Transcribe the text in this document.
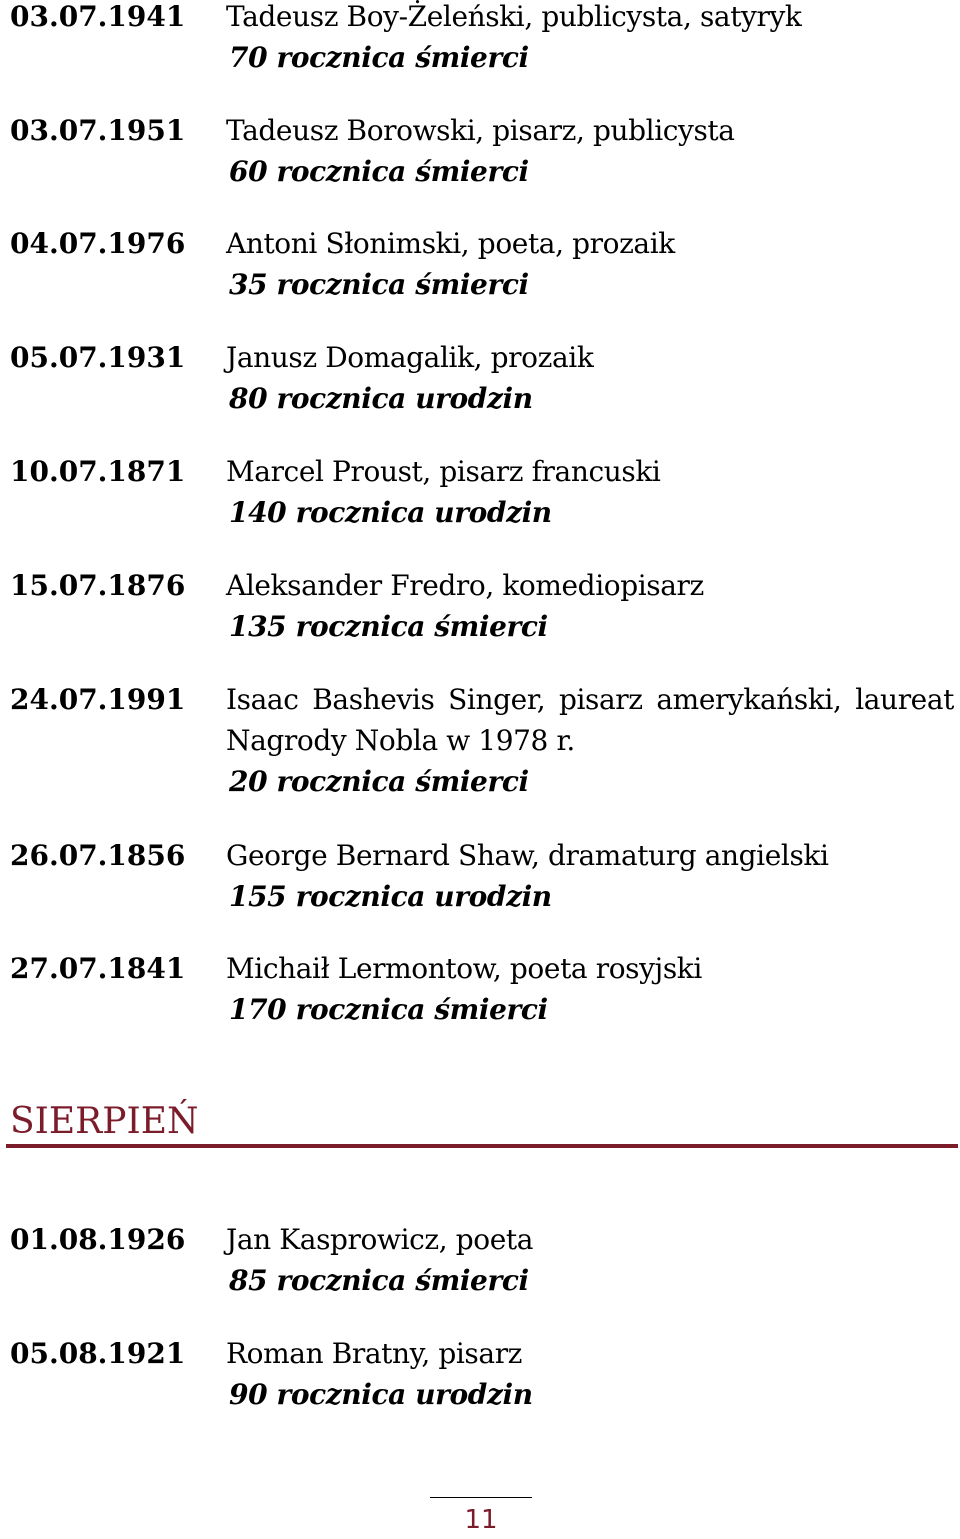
03.07.1941 Tadeusz Boy-Żeleński, publicysta, satyryk
70 rocznica śmierci
03.07.1951 Tadeusz Borowski, pisarz, publicysta
60 rocznica śmierci
04.07.1976 Antoni Słonimski, poeta, prozaik
35 rocznica śmierci
05.07.1931 Janusz Domagalik, prozaik
80 rocznica urodzin
10.07.1871 Marcel Proust, pisarz francuski
140 rocznica urodzin
15.07.1876 Aleksander Fredro, komediopisarz
135 rocznica śmierci
24.07.1991 Isaac Bashevis Singer, pisarz amerykański, laureat Nagrody Nobla w 1978 r.
20 rocznica śmierci
26.07.1856 George Bernard Shaw, dramaturg angielski
155 rocznica urodzin
27.07.1841 Michaił Lermontow, poeta rosyjski
170 rocznica śmierci
SIERPIEŃ
01.08.1926 Jan Kasprowicz, poeta
85 rocznica śmierci
05.08.1921 Roman Bratny, pisarz
90 rocznica urodzin
11
